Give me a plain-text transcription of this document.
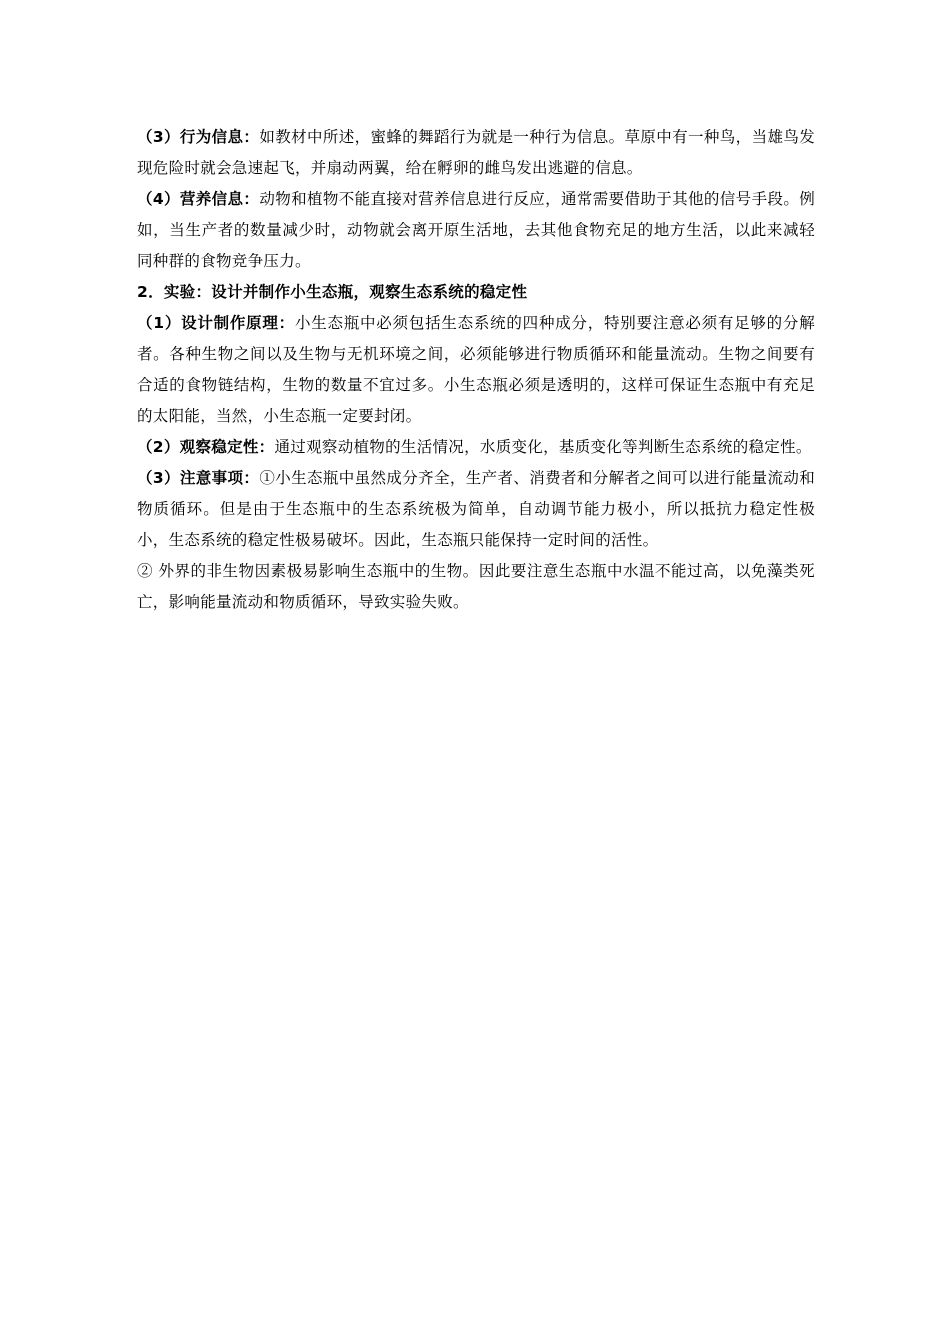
（3）行为信息：如教材中所述，蜜蜂的舞蹈行为就是一种行为信息。草原中有一种鸟，当雄鸟发现危险时就会急速起飞，并扇动两翼，给在孵卵的雌鸟发出逃避的信息。

（4）营养信息：动物和植物不能直接对营养信息进行反应，通常需要借助于其他的信号手段。例如，当生产者的数量减少时，动物就会离开原生活地，去其他食物充足的地方生活，以此来减轻同种群的食物竞争压力。

2．实验：设计并制作小生态瓶，观察生态系统的稳定性

（1）设计制作原理：小生态瓶中必须包括生态系统的四种成分，特别要注意必须有足够的分解者。各种生物之间以及生物与无机环境之间，必须能够进行物质循环和能量流动。生物之间要有合适的食物链结构，生物的数量不宜过多。小生态瓶必须是透明的，这样可保证生态瓶中有充足的太阳能，当然，小生态瓶一定要封闭。

（2）观察稳定性：通过观察动植物的生活情况，水质变化，基质变化等判断生态系统的稳定性。

（3）注意事项：①小生态瓶中虽然成分齐全，生产者、消费者和分解者之间可以进行能量流动和物质循环。但是由于生态瓶中的生态系统极为简单，自动调节能力极小，所以抵抗力稳定性极小，生态系统的稳定性极易破坏。因此，生态瓶只能保持一定时间的活性。

② 外界的非生物因素极易影响生态瓶中的生物。因此要注意生态瓶中水温不能过高，以免藻类死亡，影响能量流动和物质循环，导致实验失败。
